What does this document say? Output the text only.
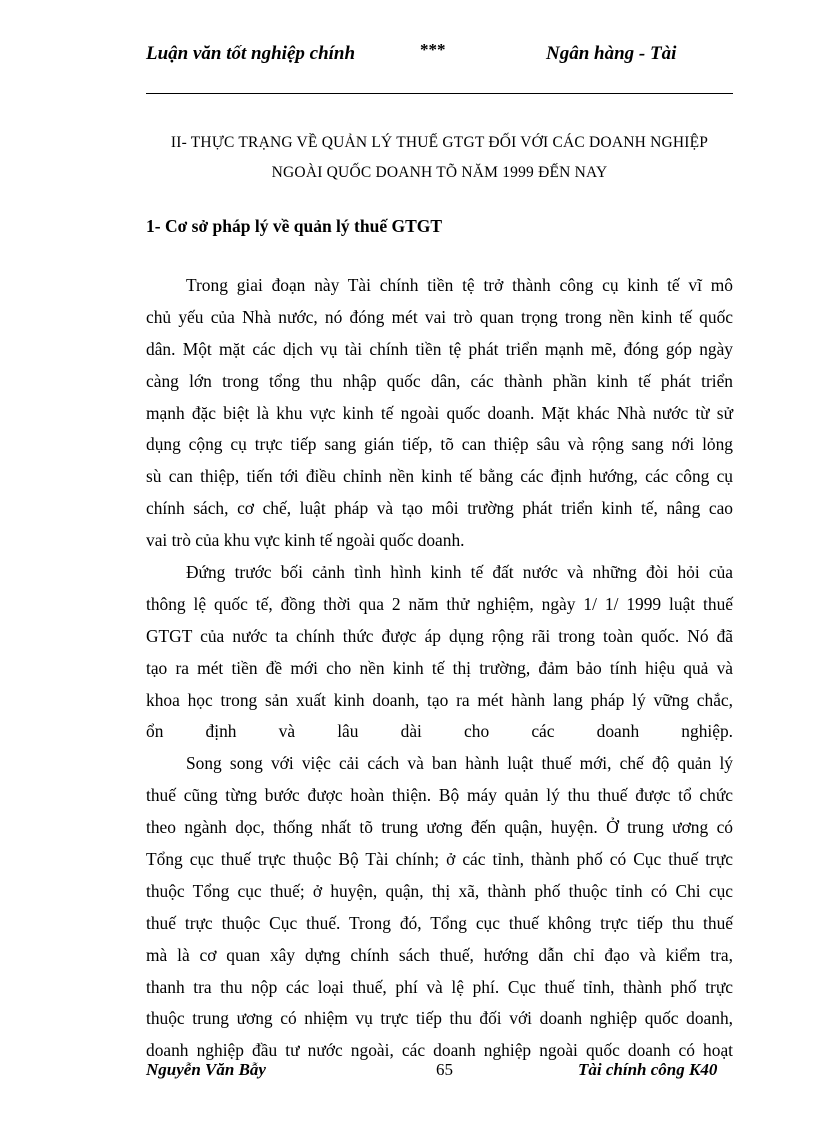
Luận văn tốt nghiệp chính	***	Ngân hàng - Tài
II- THỰC TRẠNG VỀ QUẢN LÝ THUẾ GTGT ĐỐI VỚI CÁC DOANH NGHIỆP
NGOÀI QUỐC DOANH TÕ NĂM 1999 ĐẾN NAY
1- Cơ sở pháp lý về quản lý thuế GTGT
Trong giai đoạn này Tài chính tiền tệ trở thành công cụ kinh tế vĩ mô
chủ yếu của Nhà nước, nó đóng mét vai trò quan trọng trong nền kinh tế quốc
dân. Một mặt các dịch vụ tài chính tiền tệ phát triển mạnh mẽ, đóng góp ngày
càng lớn trong tổng thu nhập quốc dân, các thành phần kinh tế phát triển
mạnh đặc biệt là khu vực kinh tế ngoài quốc doanh. Mặt khác Nhà nước từ sử
dụng cộng cụ trực tiếp sang gián tiếp, tõ can thiệp sâu và rộng sang nới lỏng
sù can thiệp, tiến tới điều chỉnh nền kinh tế bằng các định hướng, các công cụ
chính sách, cơ chế, luật pháp và tạo môi trường phát triển kinh tế, nâng cao
vai trò của khu vực kinh tế ngoài quốc doanh.
Đứng trước bối cảnh tình hình kinh tế đất nước và những đòi hỏi của
thông lệ quốc tế, đồng thời qua 2 năm thử nghiệm, ngày 1/ 1/ 1999 luật thuế
GTGT của nước ta chính thức được áp dụng rộng rãi trong toàn quốc. Nó đã
tạo ra mét tiền đề mới cho nền kinh tế thị trường, đảm bảo tính hiệu quả và
khoa học trong sản xuất kinh doanh, tạo ra mét hành lang pháp lý vững chắc,
ổn định và lâu dài cho các doanh nghiệp.
Song song với việc cải cách và ban hành luật thuế mới, chế độ quản lý
thuế cũng từng bước được hoàn thiện. Bộ máy quản lý thu thuế được tổ chức
theo ngành dọc, thống nhất tõ trung ương đến quận, huyện. Ở trung ương có
Tổng cục thuế trực thuộc Bộ Tài chính; ở các tỉnh, thành phố có Cục thuế trực
thuộc Tổng cục thuế; ở huyện, quận, thị xã, thành phố thuộc tỉnh có Chi cục
thuế trực thuộc Cục thuế. Trong đó, Tổng cục thuế không trực tiếp thu thuế
mà là cơ quan xây dựng chính sách thuế, hướng dẫn chỉ đạo và kiểm tra,
thanh tra thu nộp các loại thuế, phí và lệ phí. Cục thuế tỉnh, thành phố trực
thuộc trung ương có nhiệm vụ trực tiếp thu đối với doanh nghiệp quốc doanh,
doanh nghiệp đầu tư nước ngoài, các doanh nghiệp ngoài quốc doanh có hoạt
Nguyễn Văn Bẫy	65	Tài chính công K40
